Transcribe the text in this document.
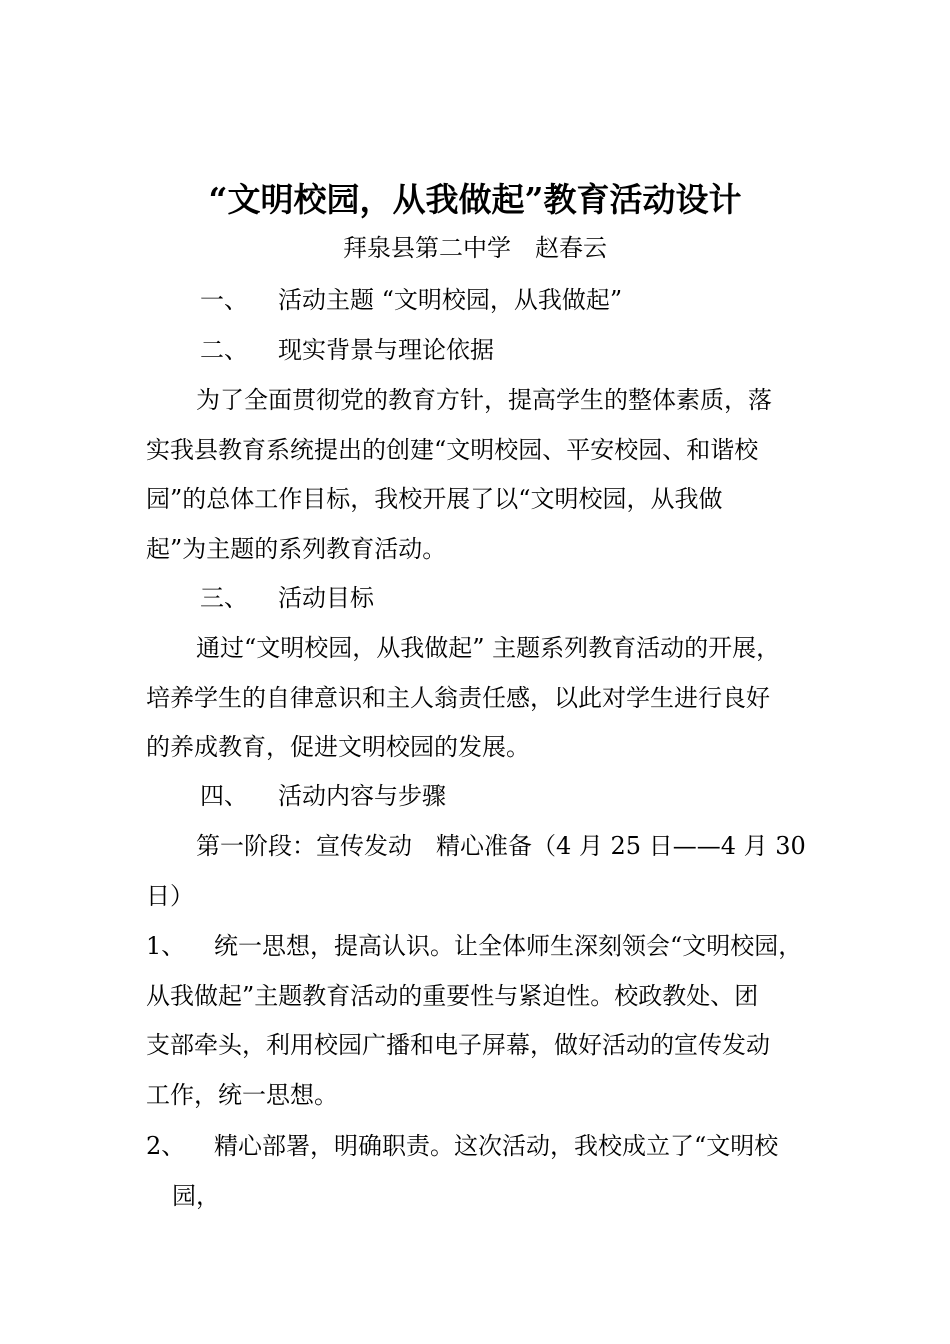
“文明校园，从我做起”教育活动设计
拜泉县第二中学　赵春云
一、 活动主题 “文明校园，从我做起”
二、 现实背景与理论依据
为了全面贯彻党的教育方针，提高学生的整体素质，落
实我县教育系统提出的创建“文明校园、平安校园、和谐校
园”的总体工作目标，我校开展了以“文明校园，从我做
起”为主题的系列教育活动。
三、 活动目标
通过“文明校园，从我做起” 主题系列教育活动的开展，
培养学生的自律意识和主人翁责任感，以此对学生进行良好
的养成教育，促进文明校园的发展。
四、 活动内容与步骤
第一阶段：宣传发动　精心准备（4 月 25 日——4 月 30
日）
1、 统一思想，提高认识。让全体师生深刻领会“文明校园，
从我做起”主题教育活动的重要性与紧迫性。校政教处、团
支部牵头，利用校园广播和电子屏幕，做好活动的宣传发动
工作，统一思想。
2、 精心部署，明确职责。这次活动，我校成立了“文明校
园，
